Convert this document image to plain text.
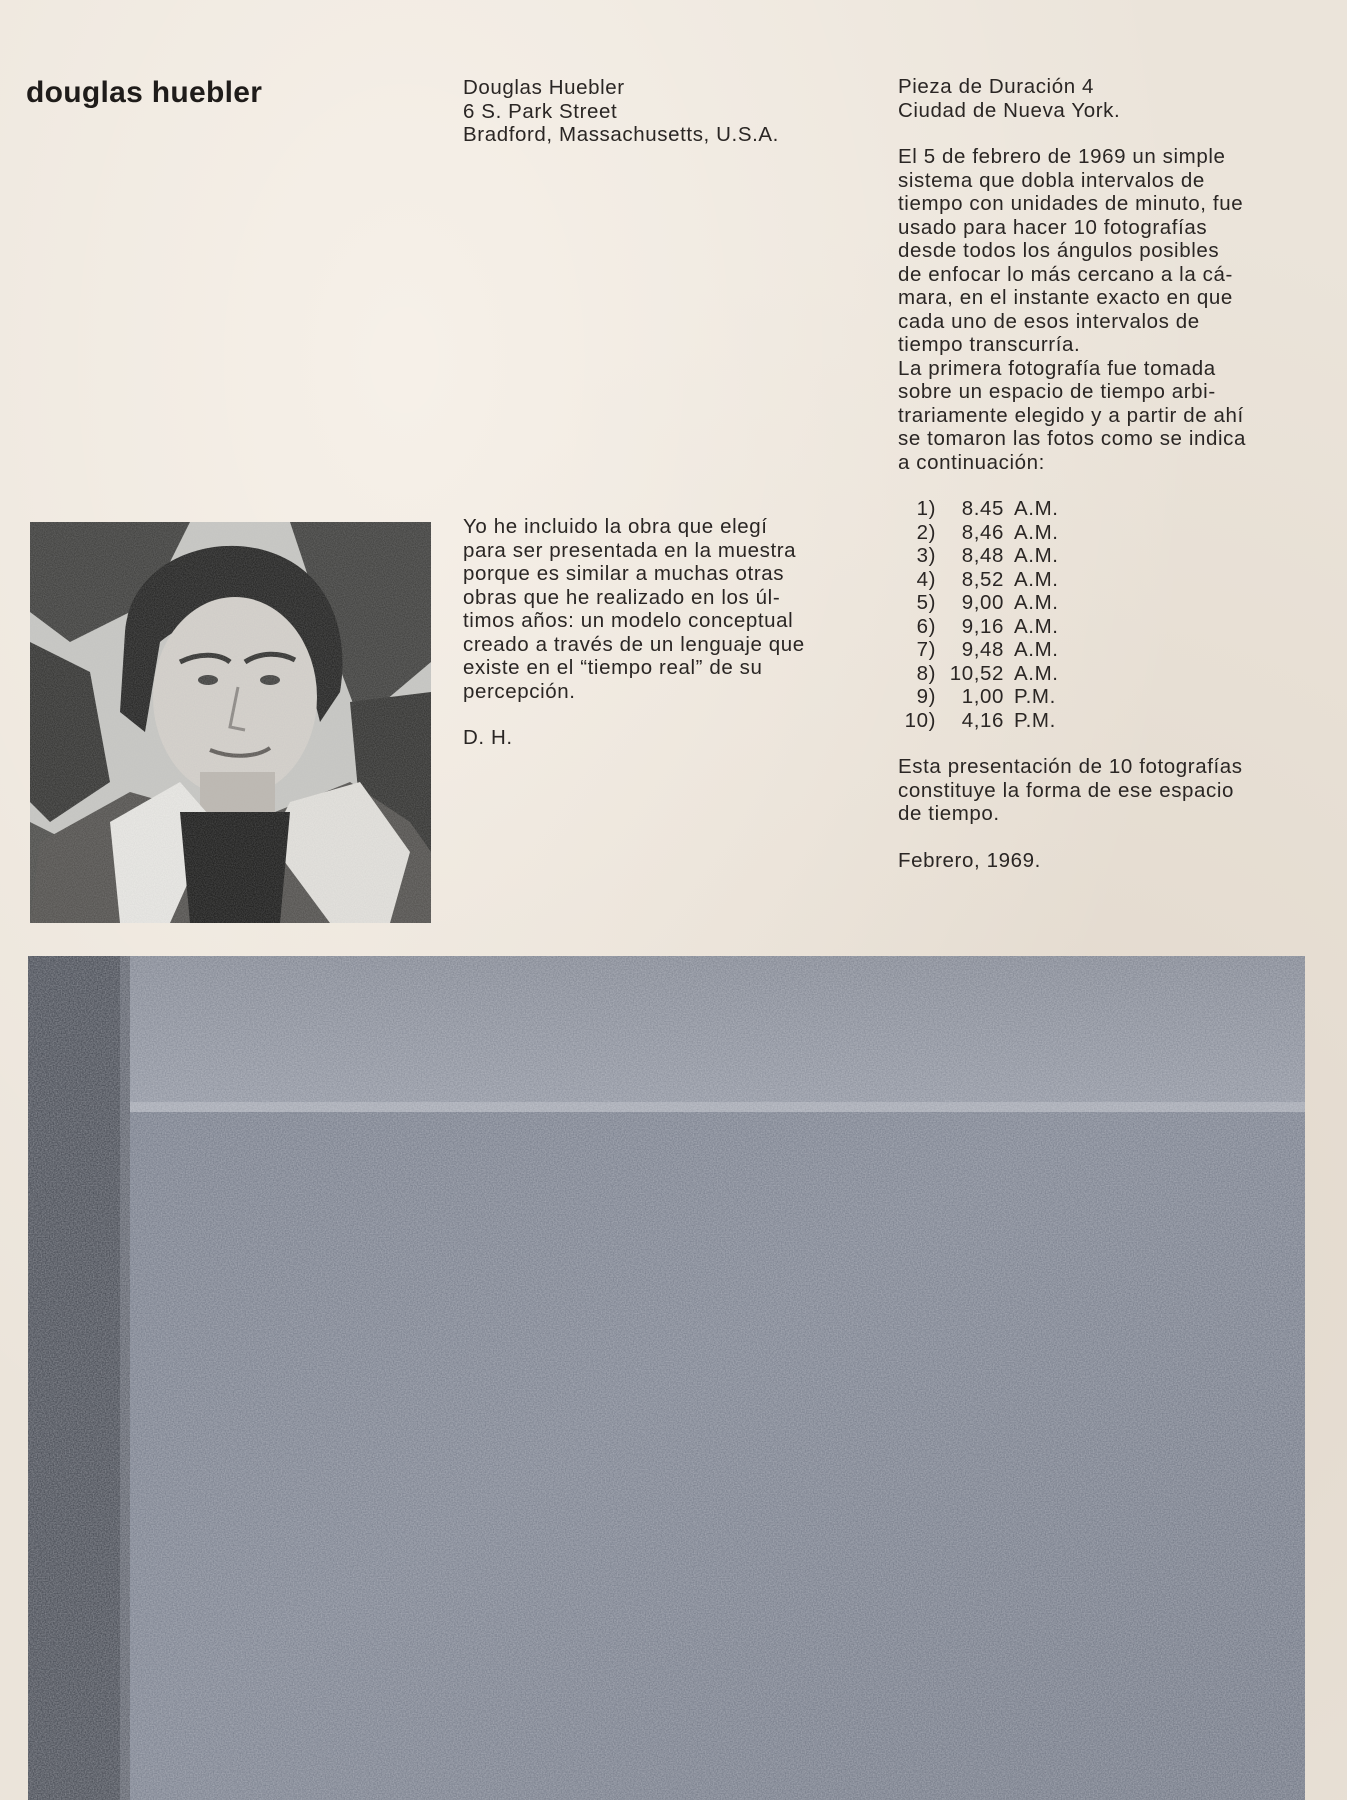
douglas huebler	Douglas Huebler
6 S. Park Street
Bradford, Massachusetts, U.S.A.
Yo he incluido la obra que elegí
para ser presentada en la muestra
porque es similar a muchas otras
obras que he realizado en los úl-
timos años: un modelo conceptual
creado a través de un lenguaje que
existe en el “tiempo real” de su
percepción.
D. H.
Pieza de Duración 4
Ciudad de Nueva York.
El 5 de febrero de 1969 un simple
sistema que dobla intervalos de
tiempo con unidades de minuto, fue
usado para hacer 10 fotografías
desde todos los ángulos posibles
de enfocar lo más cercano a la cá-
mara, en el instante exacto en que
cada uno de esos intervalos de
tiempo transcurría.
La primera fotografía fue tomada
sobre un espacio de tiempo arbi-
trariamente elegido y a partir de ahí
se tomaron las fotos como se indica
a continuación:
1)	8.45 A.M.
2)	8,46 A.M.
3)	8,48 A.M.
4)	8,52 A.M.
5)	9,00 A.M.
6)	9,16 A.M.
7)	9,48 A.M.
8) 10,52 A.M.
9)	1,00 P.M.
10)	4,16 P.M.
Esta presentación de 10 fotografías
constituye la forma de ese espacio
de tiempo.
Febrero, 1969.
